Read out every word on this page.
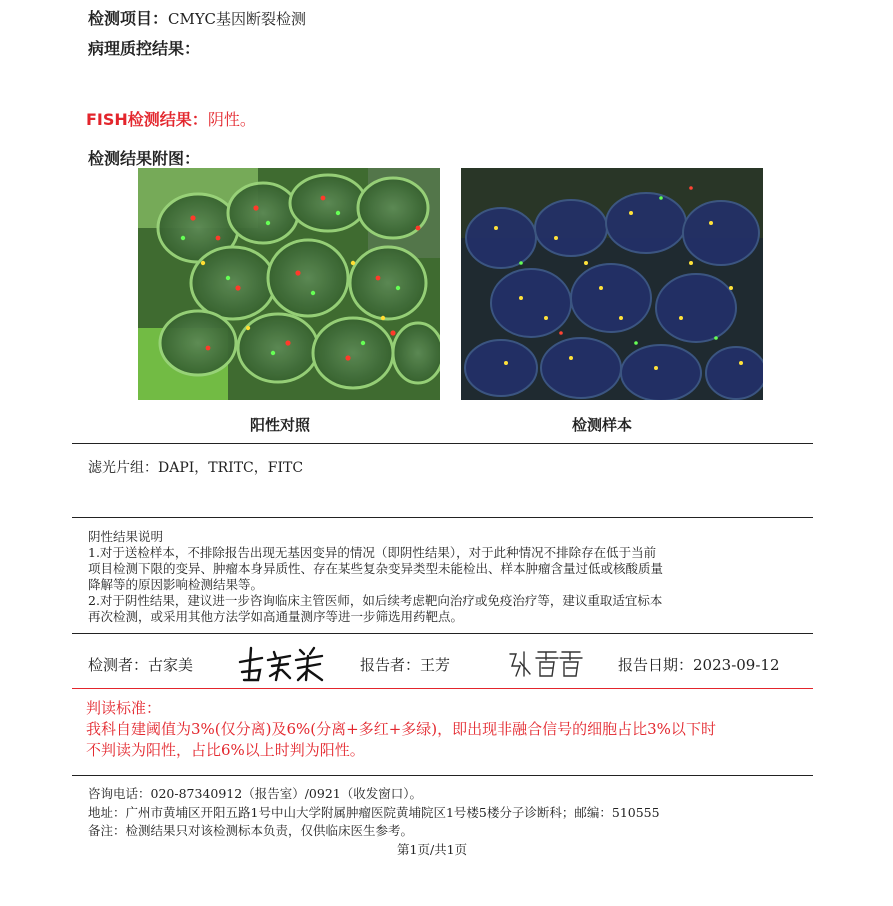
检测项目：CMYC基因断裂检测
病理质控结果：
FISH检测结果：阴性。
检测结果附图：
阳性对照	检测样本
滤光片组：DAPI，TRITC，FITC

阴性结果说明

1.对于送检样本，不排除报告出现无基因变异的情况（即阴性结果），对于此种情况不排除存在低于当前

项目检测下限的变异、肿瘤本身异质性、存在某些复杂变异类型未能检出、样本肿瘤含量过低或核酸质量

降解等的原因影响检测结果等。

2.对于阴性结果，建议进一步咨询临床主管医师，如后续考虑靶向治疗或免疫治疗等，建议重取适宜标本

再次检测，或采用其他方法学如高通量测序等进一步筛选用药靶点。

检测者：古家美	报告者：王芳	报告日期：2023-09-12
判读标准：
我科自建阈值为3%(仅分离)及6%(分离+多红+多绿)，即出现非融合信号的细胞占比3%以下时
不判读为阳性，占比6%以上时判为阳性。
咨询电话：020-87340912（报告室）/0921（收发窗口）。
地址：广州市黄埔区开阳五路1号中山大学附属肿瘤医院黄埔院区1号楼5楼分子诊断科；邮编：510555
备注：检测结果只对该检测标本负责，仅供临床医生参考。
第1页/共1页
